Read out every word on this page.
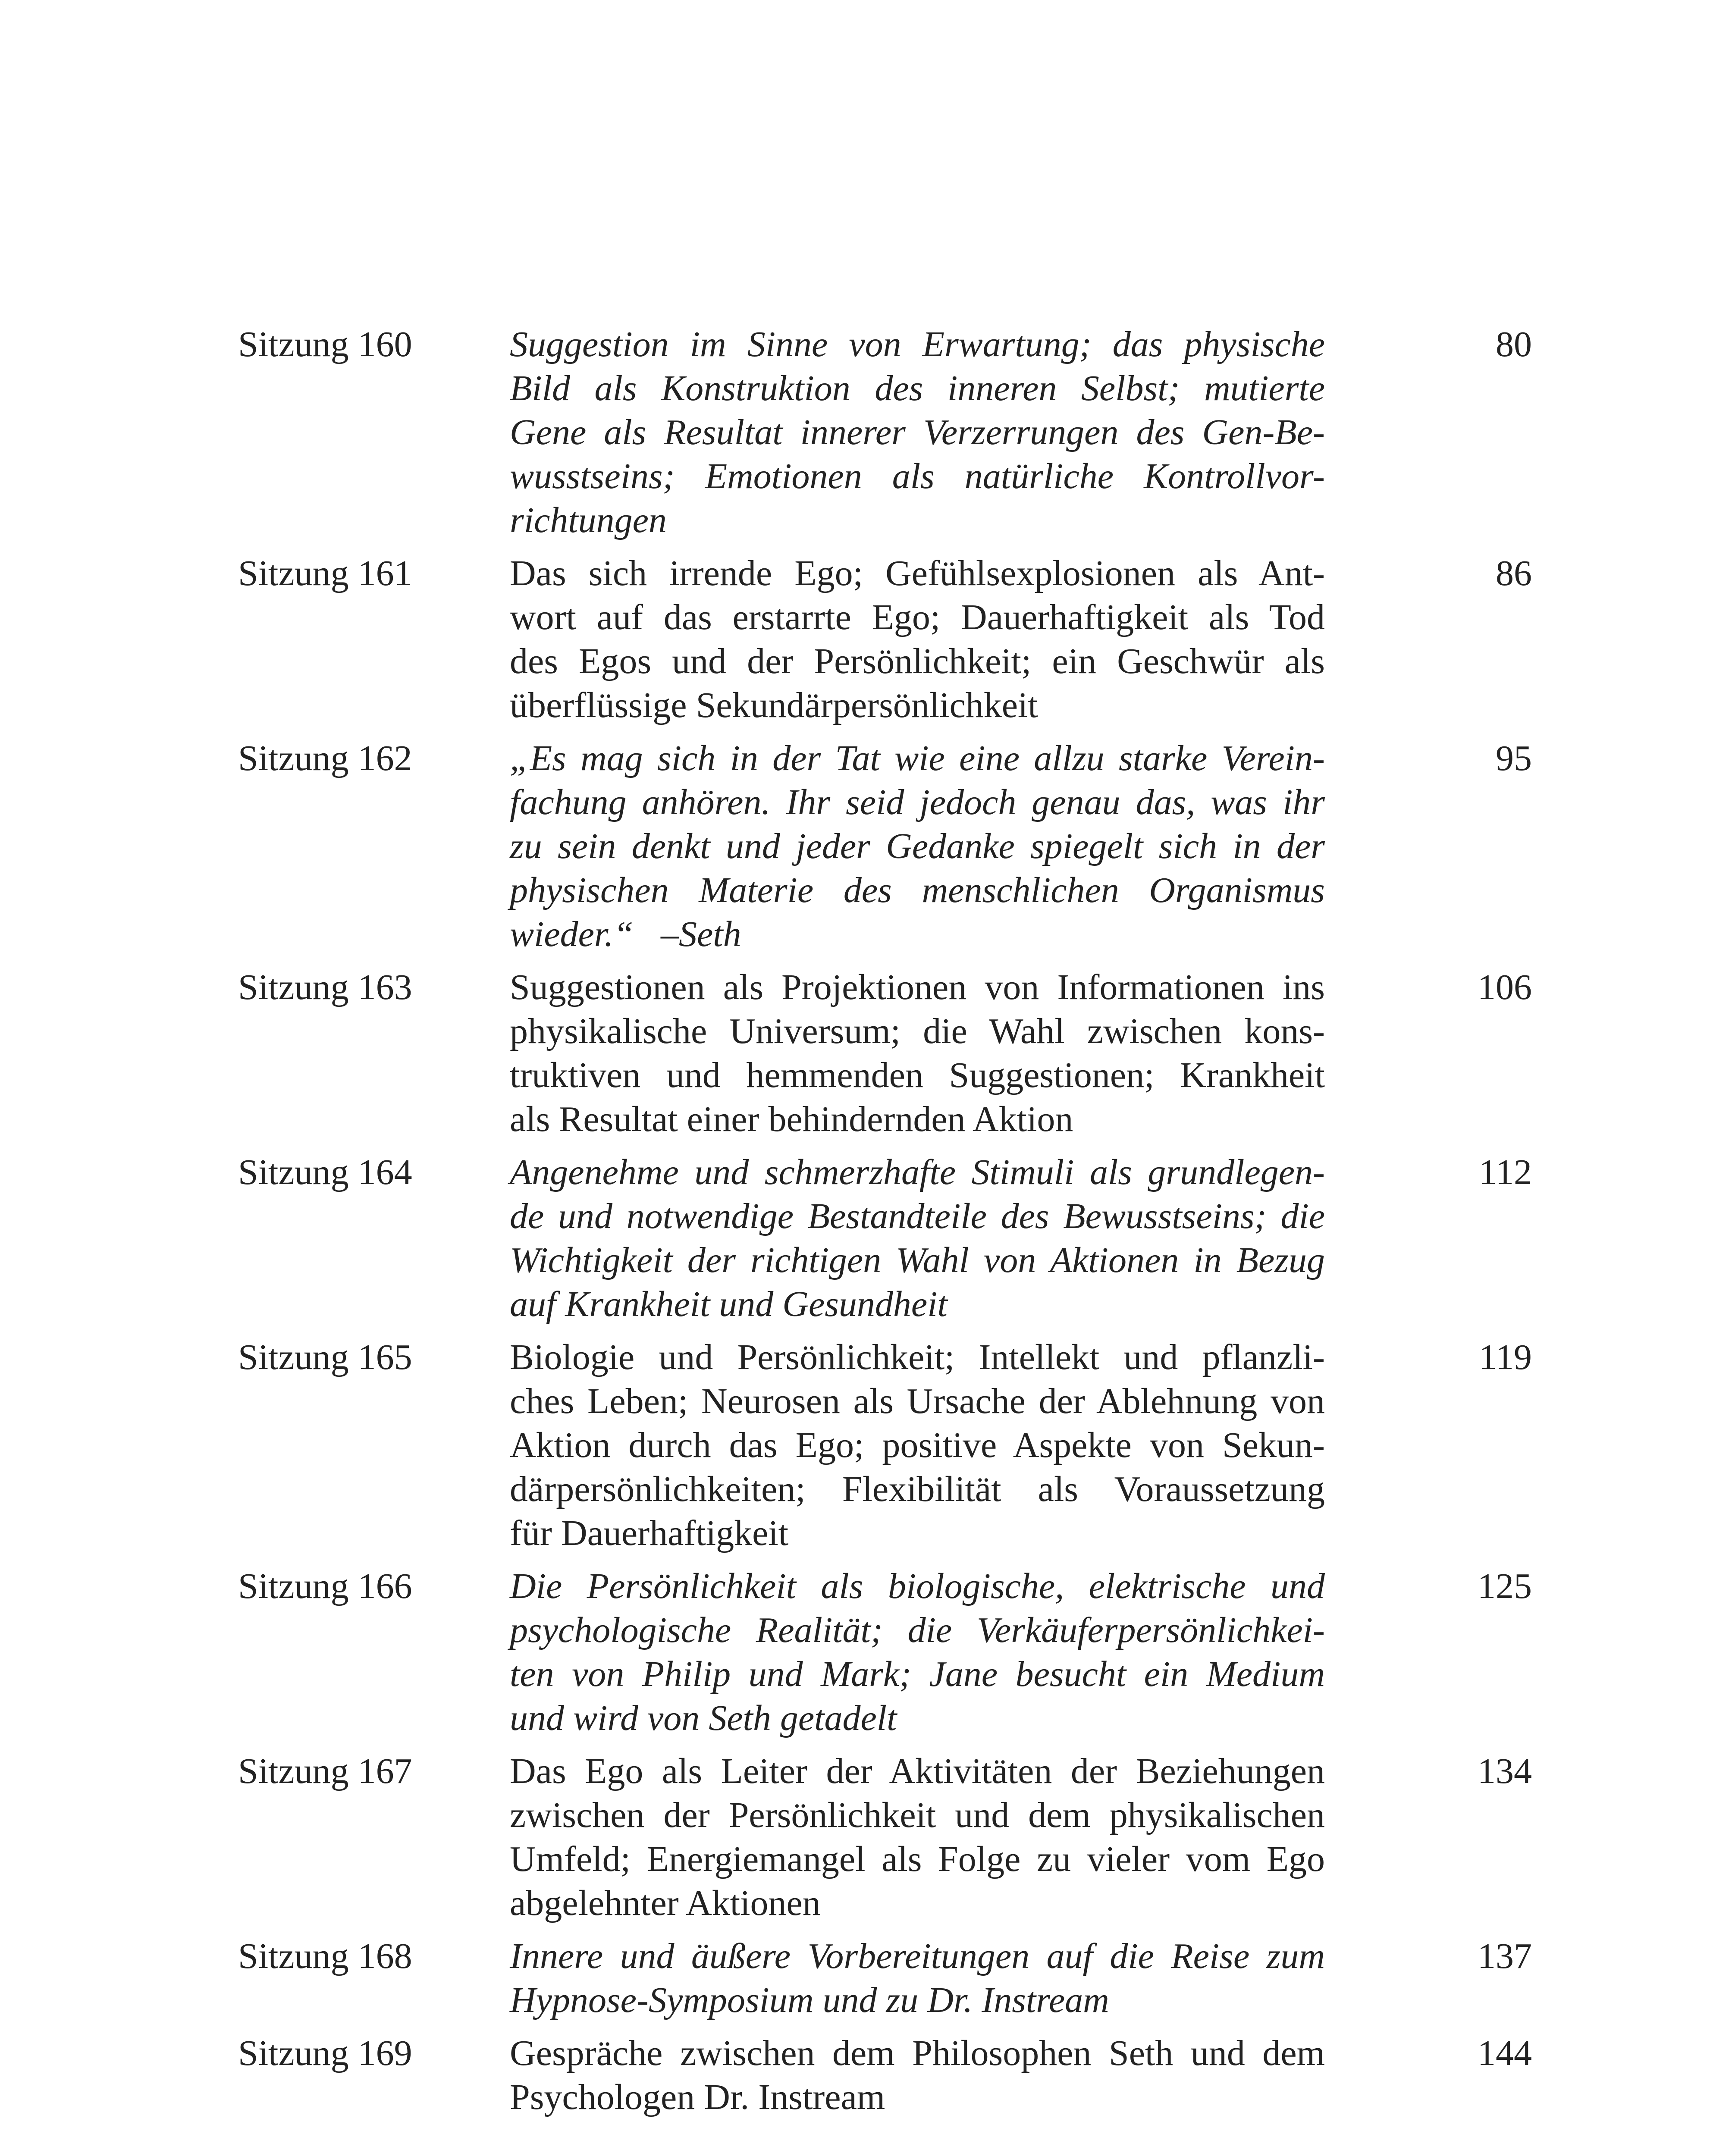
Sitzung 160	Suggestion im Sinne von Erwartung; das physische
Bild als Konstruktion des inneren Selbst; mutierte
Gene als Resultat innerer Verzerrungen des Gen-Be-
wusstseins; Emotionen als natürliche Kontrollvor-
richtungen
80
Sitzung 161	Das sich irrende Ego; Gefühlsexplosionen als Ant-
wort auf das erstarrte Ego; Dauerhaftigkeit als Tod
des Egos und der Persönlichkeit; ein Geschwür als
überflüssige Sekundärpersönlichkeit
86
Sitzung 162	„Es mag sich in der Tat wie eine allzu starke Verein-
fachung anhören. Ihr seid jedoch genau das, was ihr
zu sein denkt und jeder Gedanke spiegelt sich in der
physischen Materie des menschlichen Organismus
wieder.“   –Seth
95
Sitzung 163	Suggestionen als Projektionen von Informationen ins
physikalische Universum; die Wahl zwischen kons-
truktiven und hemmenden Suggestionen; Krankheit
als Resultat einer behindernden Aktion
106
Sitzung 164	Angenehme und schmerzhafte Stimuli als grundlegen-
de und notwendige Bestandteile des Bewusstseins; die
Wichtigkeit der richtigen Wahl von Aktionen in Bezug
auf Krankheit und Gesundheit
112
Sitzung 165	Biologie und Persönlichkeit; Intellekt und pflanzli-
ches Leben; Neurosen als Ursache der Ablehnung von
Aktion durch das Ego; positive Aspekte von Sekun-
därpersönlichkeiten; Flexibilität als Voraussetzung
für Dauerhaftigkeit
119
Sitzung 166	Die Persönlichkeit als biologische, elektrische und
psychologische Realität; die Verkäuferpersönlichkei-
ten von Philip und Mark; Jane besucht ein Medium
und wird von Seth getadelt
125
Sitzung 167	Das Ego als Leiter der Aktivitäten der Beziehungen
zwischen der Persönlichkeit und dem physikalischen
Umfeld; Energiemangel als Folge zu vieler vom Ego
abgelehnter Aktionen
134
Sitzung 168	Innere und äußere Vorbereitungen auf die Reise zum
Hypnose-Symposium und zu Dr. Instream
137
Sitzung 169	Gespräche zwischen dem Philosophen Seth und dem
Psychologen Dr. Instream
144
